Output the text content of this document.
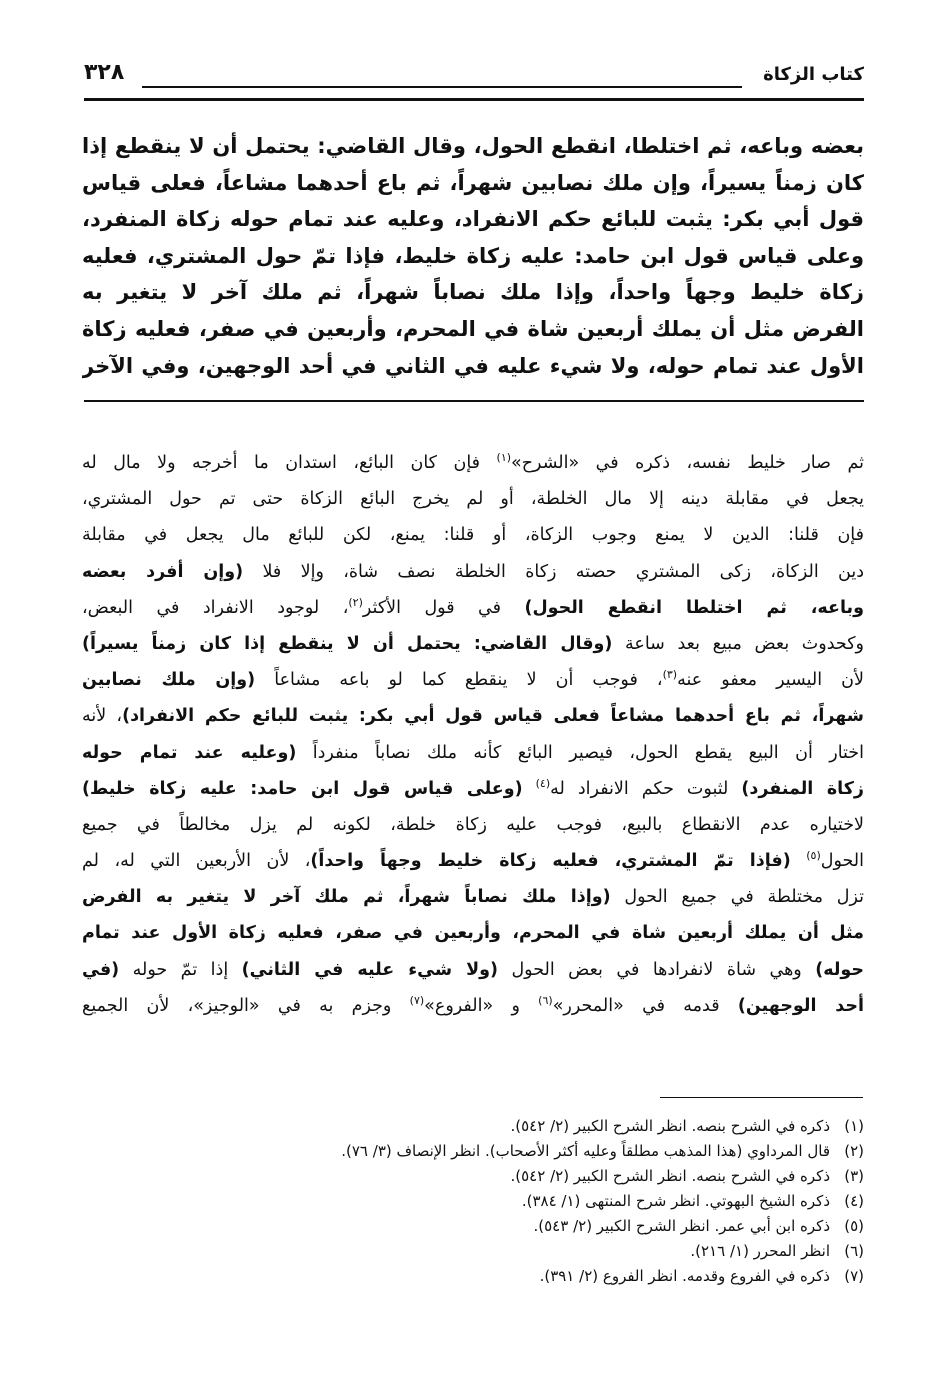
كتاب الزكاة
٣٢٨
بعضه وباعه، ثم اختلطا، انقطع الحول، وقال القاضي: يحتمل أن لا ينقطع إذا
كان زمناً يسيراً، وإن ملك نصابين شهراً، ثم باع أحدهما مشاعاً، فعلى قياس
قول أبي بكر: يثبت للبائع حكم الانفراد، وعليه عند تمام حوله زكاة المنفرد،
وعلى قياس قول ابن حامد: عليه زكاة خليط، فإذا تمّ حول المشتري، فعليه
زكاة خليط وجهاً واحداً، وإذا ملك نصاباً شهراً، ثم ملك آخر لا يتغير به
الفرض مثل أن يملك أربعين شاة في المحرم، وأربعين في صفر، فعليه زكاة
الأول عند تمام حوله، ولا شيء عليه في الثاني في أحد الوجهين، وفي الآخر
ثم صار خليط نفسه، ذكره في «الشرح»$^{(١)}$ فإن كان البائع، استدان ما أخرجه ولا مال له
يجعل في مقابلة دينه إلا مال الخلطة، أو لم يخرج البائع الزكاة حتى تم حول المشتري،
فإن قلنا: الدين لا يمنع وجوب الزكاة، أو قلنا: يمنع، لكن للبائع مال يجعل في مقابلة
دين الزكاة، زكى المشتري حصته زكاة الخلطة نصف شاة، وإلا فلا (وإن أفرد بعضه
وباعه، ثم اختلطا انقطع الحول) في قول الأكثر$^{(٢)}$، لوجود الانفراد في البعض،
وكحدوث بعض مبيع بعد ساعة (وقال القاضي: يحتمل أن لا ينقطع إذا كان زمناً يسيراً)
لأن اليسير معفو عنه$^{(٣)}$، فوجب أن لا ينقطع كما لو باعه مشاعاً (وإن ملك نصابين
شهراً، ثم باع أحدهما مشاعاً فعلى قياس قول أبي بكر: يثبت للبائع حكم الانفراد)، لأنه
اختار أن البيع يقطع الحول، فيصير البائع كأنه ملك نصاباً منفرداً (وعليه عند تمام حوله
زكاة المنفرد) لثبوت حكم الانفراد له$^{(٤)}$ (وعلى قياس قول ابن حامد: عليه زكاة خليط)
لاختياره عدم الانقطاع بالبيع، فوجب عليه زكاة خلطة، لكونه لم يزل مخالطاً في جميع
الحول$^{(٥)}$ (فإذا تمّ المشتري، فعليه زكاة خليط وجهاً واحداً)، لأن الأربعين التي له، لم
تزل مختلطة في جميع الحول (وإذا ملك نصاباً شهراً، ثم ملك آخر لا يتغير به الفرض
مثل أن يملك أربعين شاة في المحرم، وأربعين في صفر، فعليه زكاة الأول عند تمام
حوله) وهي شاة لانفرادها في بعض الحول (ولا شيء عليه في الثاني) إذا تمّ حوله (في
أحد الوجهين) قدمه في «المحرر»$^{(٦)}$ و «الفروع»$^{(٧)}$ وجزم به في «الوجيز»، لأن الجميع
(١)ذكره في الشرح بنصه. انظر الشرح الكبير (٢/ ٥٤٢).
(٢)قال المرداوي (هذا المذهب مطلقاً وعليه أكثر الأصحاب). انظر الإنصاف (٣/ ٧٦).
(٣)ذكره في الشرح بنصه. انظر الشرح الكبير (٢/ ٥٤٢).
(٤)ذكره الشيخ البهوتي. انظر شرح المنتهى (١/ ٣٨٤).
(٥)ذكره ابن أبي عمر. انظر الشرح الكبير (٢/ ٥٤٣).
(٦)انظر المحرر (١/ ٢١٦).
(٧)ذكره في الفروع وقدمه. انظر الفروع (٢/ ٣٩١).
